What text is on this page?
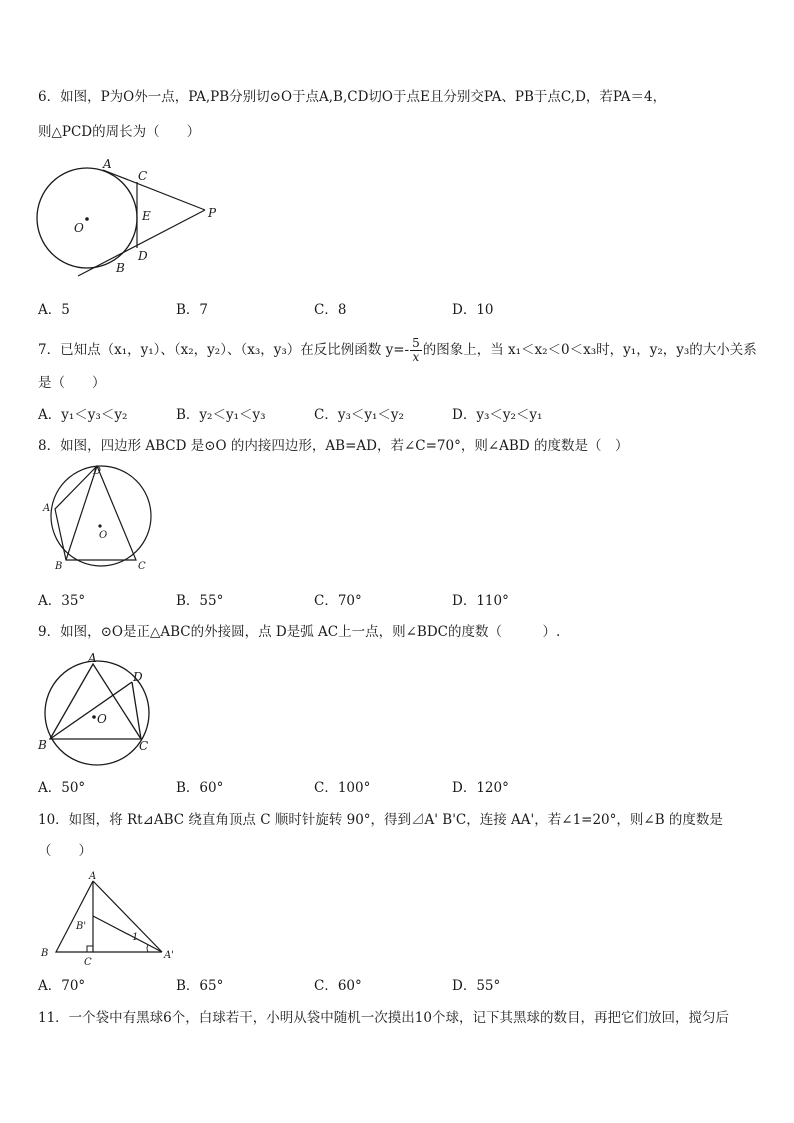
6．如图，P为O外一点，PA,PB分别切⊙O于点A,B,CD切O于点E且分别交PA、PB于点C,D，若PA＝4，
则△PCD的周长为（　　）
A
C
O
E	P
D
B
A．5	B．7	C．8	D．10
7．已知点（x₁，y₁）、（x₂，y₂）、（x₃，y₃）在反比例函数 $y=- \frac{5}{x}$ 的图象上，当 x₁＜x₂＜0＜x₃时，y₁，y₂，y₃的大小关系
是（　　）
A．y₁＜y₃＜y₂	B．y₂＜y₁＜y₃	C．y₃＜y₁＜y₂	D．y₃＜y₂＜y₁
8．如图，四边形 ABCD 是⊙O 的内接四边形，AB=AD，若∠C=70°，则∠ABD 的度数是（　）
D
A
O
B	C
A．35°	B．55°	C．70°	D．110°
9．如图，⊙O是正△ABC的外接圆，点 D是弧 AC上一点，则∠BDC的度数（　　　）.
A
D
O
B	C
A．50°	B．60°	C．100°	D．120°
10．如图，将 Rt⊿ABC 绕直角顶点 C 顺时针旋转 90°，得到⊿A' B'C，连接 AA'，若∠1=20°，则∠B 的度数是
（　　）
A
B'
1
B
C
A'
A．70°	B．65°	C．60°	D．55°
11．一个袋中有黑球6个，白球若干，小明从袋中随机一次摸出10个球，记下其黑球的数目，再把它们放回，搅匀后
